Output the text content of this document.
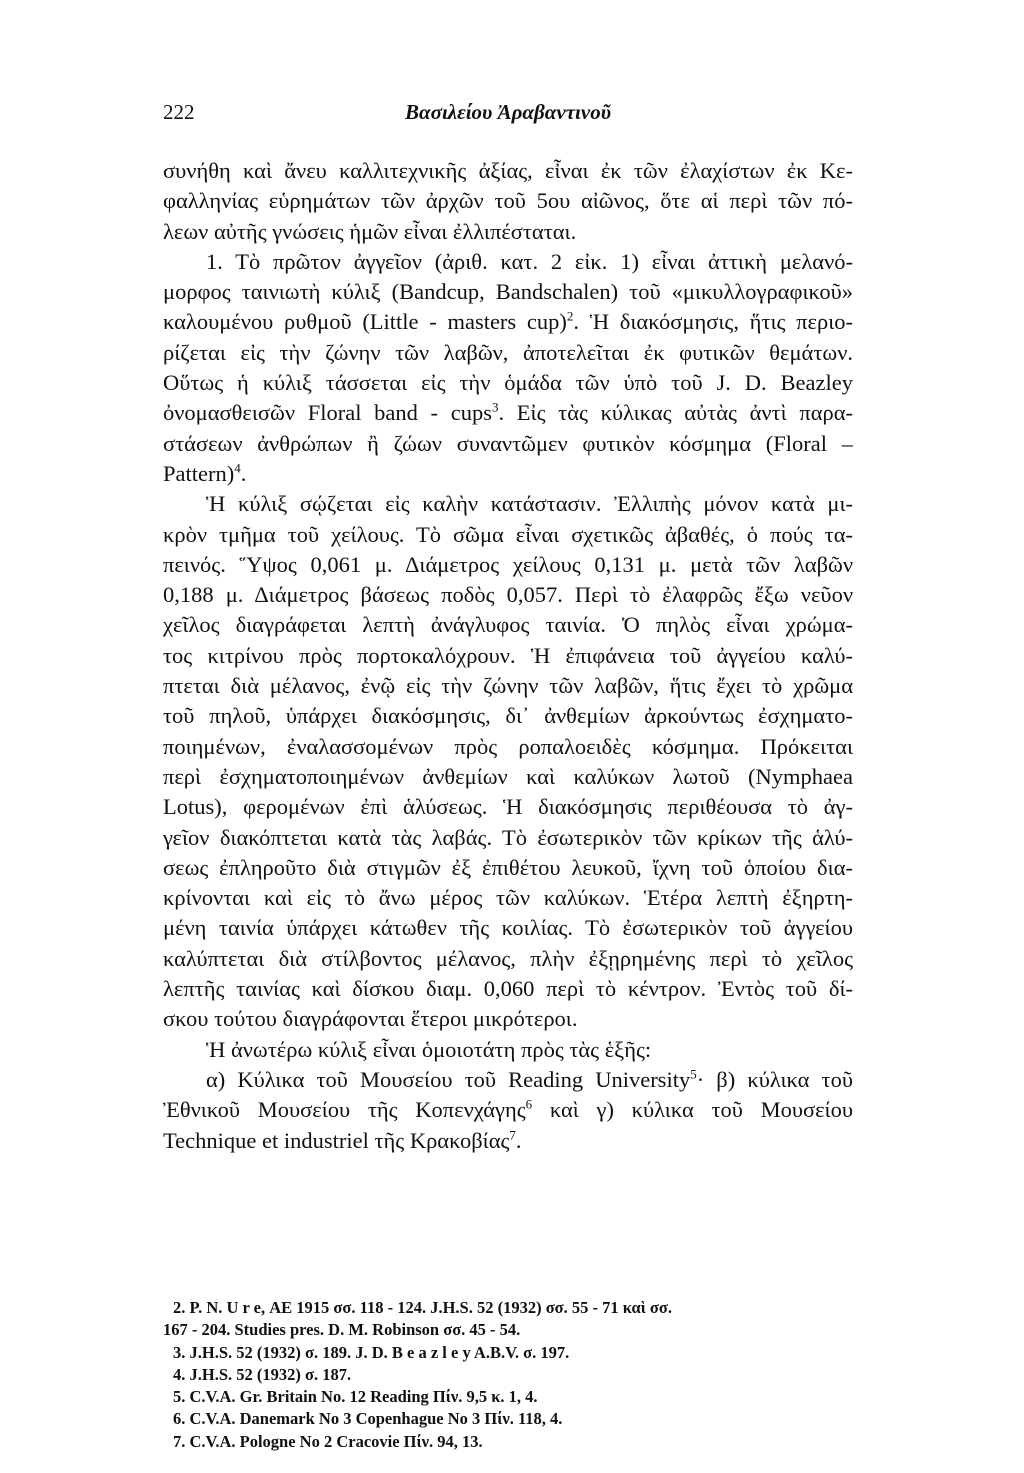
222	Βασιλείου Ἀραβαντινοῦ
συνήθη καὶ ἄνευ καλλιτεχνικῆς ἀξίας, εἶναι ἐκ τῶν ἐλαχίστων ἐκ Κε-
φαλληνίας εὑρημάτων τῶν ἀρχῶν τοῦ 5ου αἰῶνος, ὅτε αἱ περὶ τῶν πό-
λεων αὐτῆς γνώσεις ἡμῶν εἶναι ἐλλιπέσταται.
1. Τὸ πρῶτον ἀγγεῖον (ἀριθ. κατ. 2 εἰκ. 1) εἶναι ἀττικὴ μελανό-
μορφος ταινιωτὴ κύλιξ (Bandcup, Bandschalen) τοῦ «μικυλλογραφικοῦ»
καλουμένου ρυθμοῦ (Little - masters cup)$^2$. Ἡ διακόσμησις, ἥτις περιο-
ρίζεται εἰς τὴν ζώνην τῶν λαβῶν, ἀποτελεῖται ἐκ φυτικῶν θεμάτων.
Οὕτως ἡ κύλιξ τάσσεται εἰς τὴν ὁμάδα τῶν ὑπὸ τοῦ J. D. Beazley
ὀνομασθεισῶν Floral band - cups$^3$. Εἰς τὰς κύλικας αὐτὰς ἀντὶ παρα-
στάσεων ἀνθρώπων ἢ ζώων συναντῶμεν φυτικὸν κόσμημα (Floral –
Pattern)$^4$.
Ἡ κύλιξ σῴζεται εἰς καλὴν κατάστασιν. Ἐλλιπὴς μόνον κατὰ μι-
κρὸν τμῆμα τοῦ χείλους. Τὸ σῶμα εἶναι σχετικῶς ἀβαθές, ὁ πούς τα-
πεινός. Ὕψος 0,061 μ. Διάμετρος χείλους 0,131 μ. μετὰ τῶν λαβῶν
0,188 μ. Διάμετρος βάσεως ποδὸς 0,057. Περὶ τὸ ἐλαφρῶς ἔξω νεῦον
χεῖλος διαγράφεται λεπτὴ ἀνάγλυφος ταινία. Ὁ πηλὸς εἶναι χρώμα-
τος κιτρίνου πρὸς πορτοκαλόχρουν. Ἡ ἐπιφάνεια τοῦ ἀγγείου καλύ-
πτεται διὰ μέλανος, ἐνῷ εἰς τὴν ζώνην τῶν λαβῶν, ἥτις ἔχει τὸ χρῶμα
τοῦ πηλοῦ, ὑπάρχει διακόσμησις, δι᾽ ἀνθεμίων ἀρκούντως ἐσχηματο-
ποιημένων, ἐναλασσομένων πρὸς ροπαλοειδὲς κόσμημα. Πρόκειται
περὶ ἐσχηματοποιημένων ἀνθεμίων καὶ καλύκων λωτοῦ (Nymphaea
Lotus), φερομένων ἐπὶ ἁλύσεως. Ἡ διακόσμησις περιθέουσα τὸ ἀγ-
γεῖον διακόπτεται κατὰ τὰς λαβάς. Τὸ ἐσωτερικὸν τῶν κρίκων τῆς ἁλύ-
σεως ἐπληροῦτο διὰ στιγμῶν ἐξ ἐπιθέτου λευκοῦ, ἴχνη τοῦ ὁποίου δια-
κρίνονται καὶ εἰς τὸ ἄνω μέρος τῶν καλύκων. Ἑτέρα λεπτὴ ἐξηρτη-
μένη ταινία ὑπάρχει κάτωθεν τῆς κοιλίας. Τὸ ἐσωτερικὸν τοῦ ἀγγείου
καλύπτεται διὰ στίλβοντος μέλανος, πλὴν ἐξῃρημένης περὶ τὸ χεῖλος
λεπτῆς ταινίας καὶ δίσκου διαμ. 0,060 περὶ τὸ κέντρον. Ἐντὸς τοῦ δί-
σκου τούτου διαγράφονται ἕτεροι μικρότεροι.
Ἡ ἀνωτέρω κύλιξ εἶναι ὁμοιοτάτη πρὸς τὰς ἑξῆς:
α) Κύλικα τοῦ Μουσείου τοῦ Reading University$^5$· β) κύλικα τοῦ
Ἐθνικοῦ Μουσείου τῆς Κοπενχάγης$^6$ καὶ γ) κύλικα τοῦ Μουσείου
Technique et industriel τῆς Κρακοβίας$^7$.
2. P. N. U r e, ΑΕ 1915 σσ. 118 - 124. J.H.S. 52 (1932) σσ. 55 - 71 καὶ σσ.
167 - 204. Studies pres. D. M. Robinson σσ. 45 - 54.
3. J.H.S. 52 (1932) σ. 189. J. D. B e a z l e y A.B.V. σ. 197.
4. J.H.S. 52 (1932) σ. 187.
5. C.V.A. Gr. Britain No. 12 Reading Πίν. 9,5 κ. 1, 4.
6. C.V.A. Danemark No 3 Copenhague No 3 Πίν. 118, 4.
7. C.V.A. Pologne No 2 Cracovie Πίν. 94, 13.
